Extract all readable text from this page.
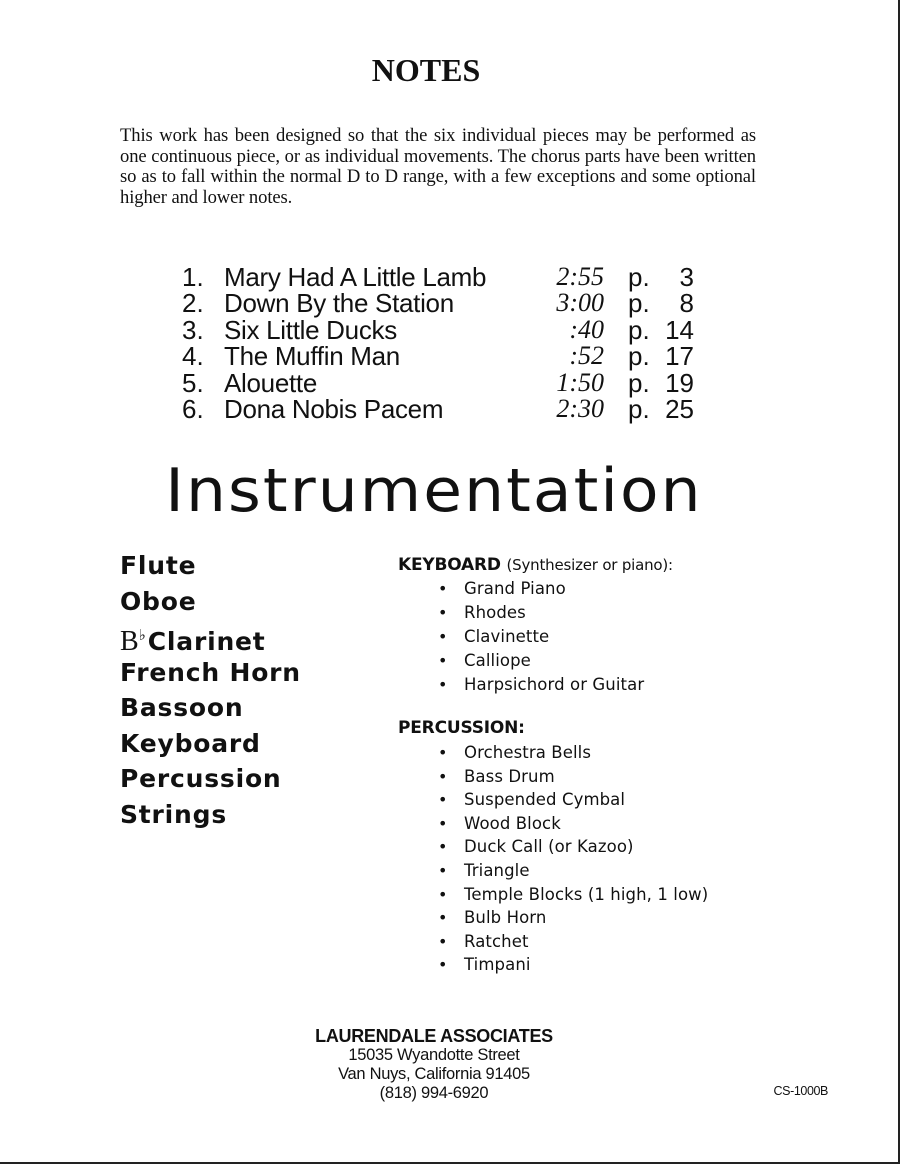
NOTES

This work has been designed so that the six individual pieces may be performed as one continuous piece, or as individual movements. The chorus parts have been written so as to fall within the normal D to D range, with a few exceptions and some optional higher and lower notes.

1. Mary Had A Little Lamb	2:55 p. 3
2. Down By the Station	3:00 p. 8
3. Six Little Ducks	:40 p. 14
4. The Muffin Man	:52 p. 17
5. Alouette	1:50 p. 19
6. Dona Nobis Pacem	2:30 p. 25
Instrumentation
Flute
Oboe
B♭Clarinet
French Horn
Bassoon
Keyboard
Percussion
Strings
KEYBOARD (Synthesizer or piano):
• Grand Piano
• Rhodes
• Clavinette
• Calliope
• Harpsichord or Guitar
PERCUSSION:
• Orchestra Bells
• Bass Drum
• Suspended Cymbal
• Wood Block
• Duck Call (or Kazoo)
• Triangle
• Temple Blocks (1 high, 1 low)
• Bulb Horn
• Ratchet
• Timpani
LAURENDALE ASSOCIATES
15035 Wyandotte Street
Van Nuys, California 91405
(818) 994-6920	CS-1000B
